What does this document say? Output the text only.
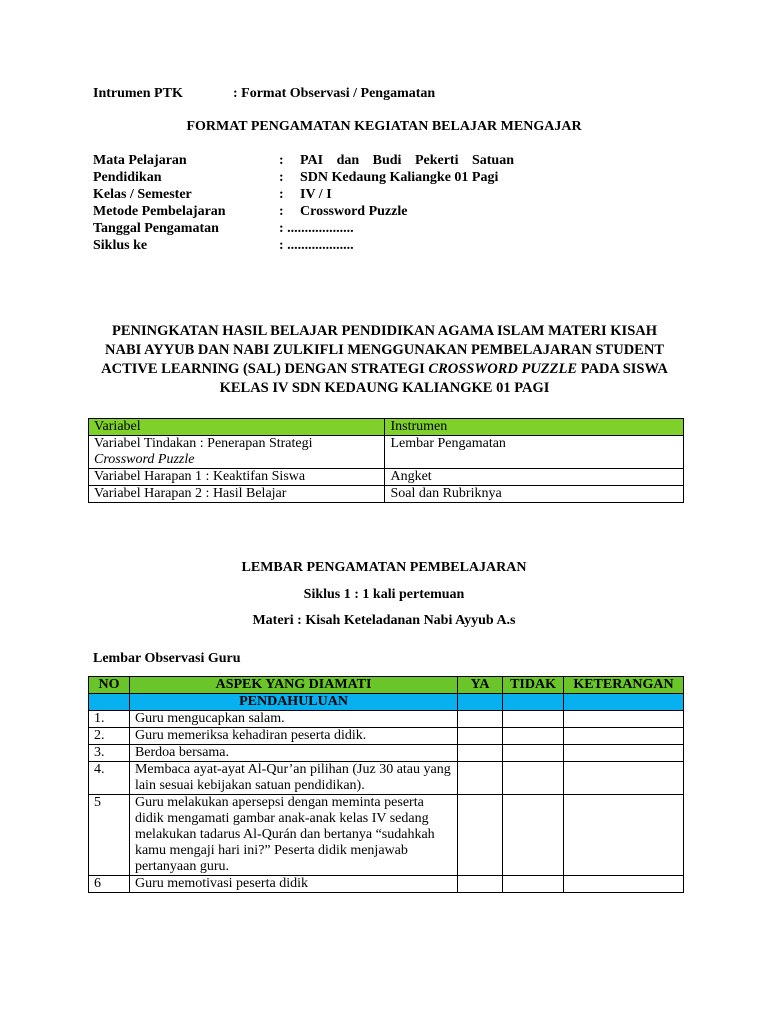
Intrumen PTK	: Format Observasi / Pengamatan
FORMAT PENGAMATAN KEGIATAN BELAJAR MENGAJAR
Mata Pelajaran	: PAI dan Budi Pekerti Satuan
Pendidikan	: SDN Kedaung Kaliangke 01 Pagi
Kelas / Semester	: IV / I
Metode Pembelajaran	: Crossword Puzzle
Tanggal Pengamatan	: ...................
Siklus ke	: ...................
PENINGKATAN HASIL BELAJAR PENDIDIKAN AGAMA ISLAM MATERI KISAH
NABI AYYUB DAN NABI ZULKIFLI MENGGUNAKAN PEMBELAJARAN STUDENT
ACTIVE LEARNING (SAL) DENGAN STRATEGI CROSSWORD PUZZLE PADA SISWA
KELAS IV SDN KEDAUNG KALIANGKE 01 PAGI
Variabel	Instrumen
Variabel Tindakan : Penerapan Strategi
Crossword Puzzle	Lembar Pengamatan
Variabel Harapan 1 : Keaktifan Siswa	Angket
Variabel Harapan 2 : Hasil Belajar	Soal dan Rubriknya
LEMBAR PENGAMATAN PEMBELAJARAN
Siklus 1 : 1 kali pertemuan
Materi : Kisah Keteladanan Nabi Ayyub A.s
Lembar Observasi Guru
NO	ASPEK YANG DIAMATI	YA	TIDAK	KETERANGAN
	PENDAHULUAN			
1.	Guru mengucapkan salam.			
2.	Guru memeriksa kehadiran peserta didik.			
3.	Berdoa bersama.			
4.	Membaca ayat-ayat Al-Qur’an pilihan (Juz 30 atau yang lain sesuai kebijakan satuan pendidikan).			
5	Guru melakukan apersepsi dengan meminta peserta didik mengamati gambar anak-anak kelas IV sedang melakukan tadarus Al-Qurán dan bertanya “sudahkah kamu mengaji hari ini?” Peserta didik menjawab pertanyaan guru.			
6	Guru memotivasi peserta didik			
